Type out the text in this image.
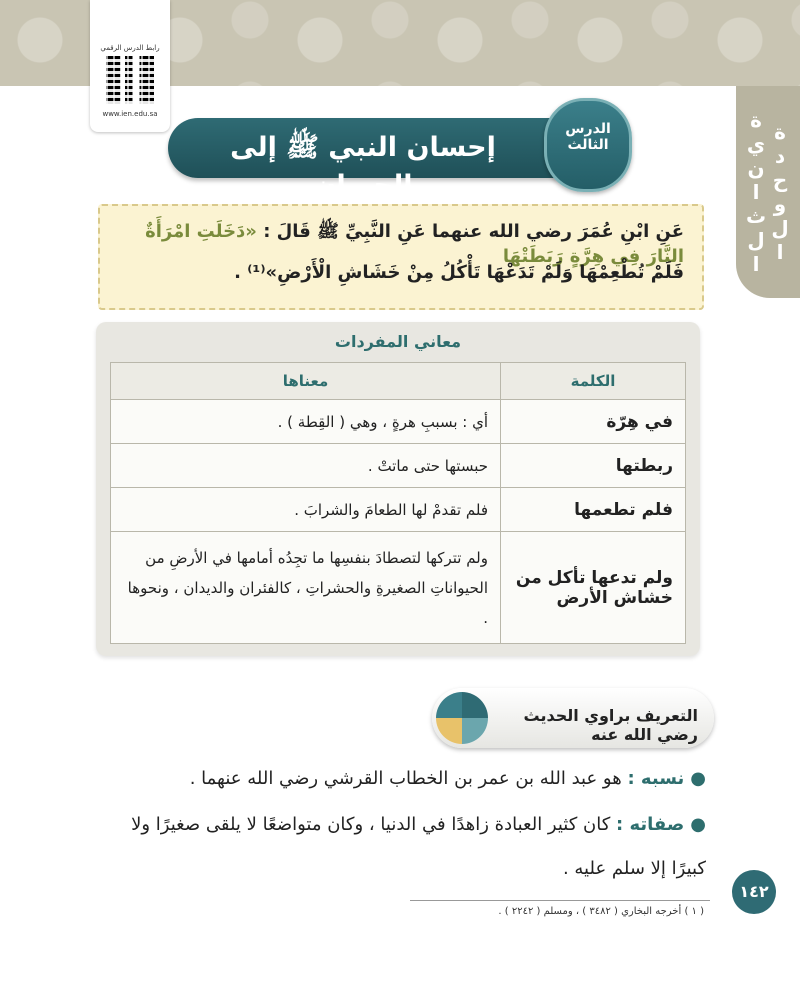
رابط الدرس الرقمي
www.ien.edu.sa
الوحدة الثانية
إحسان النبي ﷺ إلى الحيوان
الدرس
الثالث
عَنِ ابْنِ عُمَرَ رضي الله عنهما عَنِ النَّبِيِّ ﷺ قَالَ : «دَخَلَتِ امْرَأَةٌ النَّارَ فِي هِرَّةٍ رَبَطَتْهَا
فَلَمْ تُطْعِمْهَا وَلَمْ تَدَعْهَا تَأْكُلُ مِنْ خَشَاشِ الْأَرْضِ»⁽¹⁾ .
معاني المفردات
الكلمة	معناها
في هِرّة	أي : بسببِ هرةٍ ، وهي ( القِطة ) .
ربطتها	حبستها حتى ماتتْ .
فلم تطعمها	فلم تقدمْ لها الطعامَ والشرابَ .
ولم تدعها تأكل من خشاش الأرض	ولم تتركها لتصطادَ بنفسِها ما تجِدُه أمامها في الأرضِ من الحيواناتِ الصغيرةِ والحشراتِ ، كالفئران والديدان ، ونحوها .
التعريف براوي الحديث رضي الله عنه
●نسبه : هو عبد الله بن عمر بن الخطاب القرشي رضي الله عنهما .
●صفاته : كان كثير العبادة زاهدًا في الدنيا ، وكان متواضعًا لا يلقى صغيرًا ولا
كبيرًا إلا سلم عليه .
١٤٢
( ١ ) أخرجه البخاري ( ٣٤٨٢ ) ، ومسلم ( ٢٢٤٢ ) .
